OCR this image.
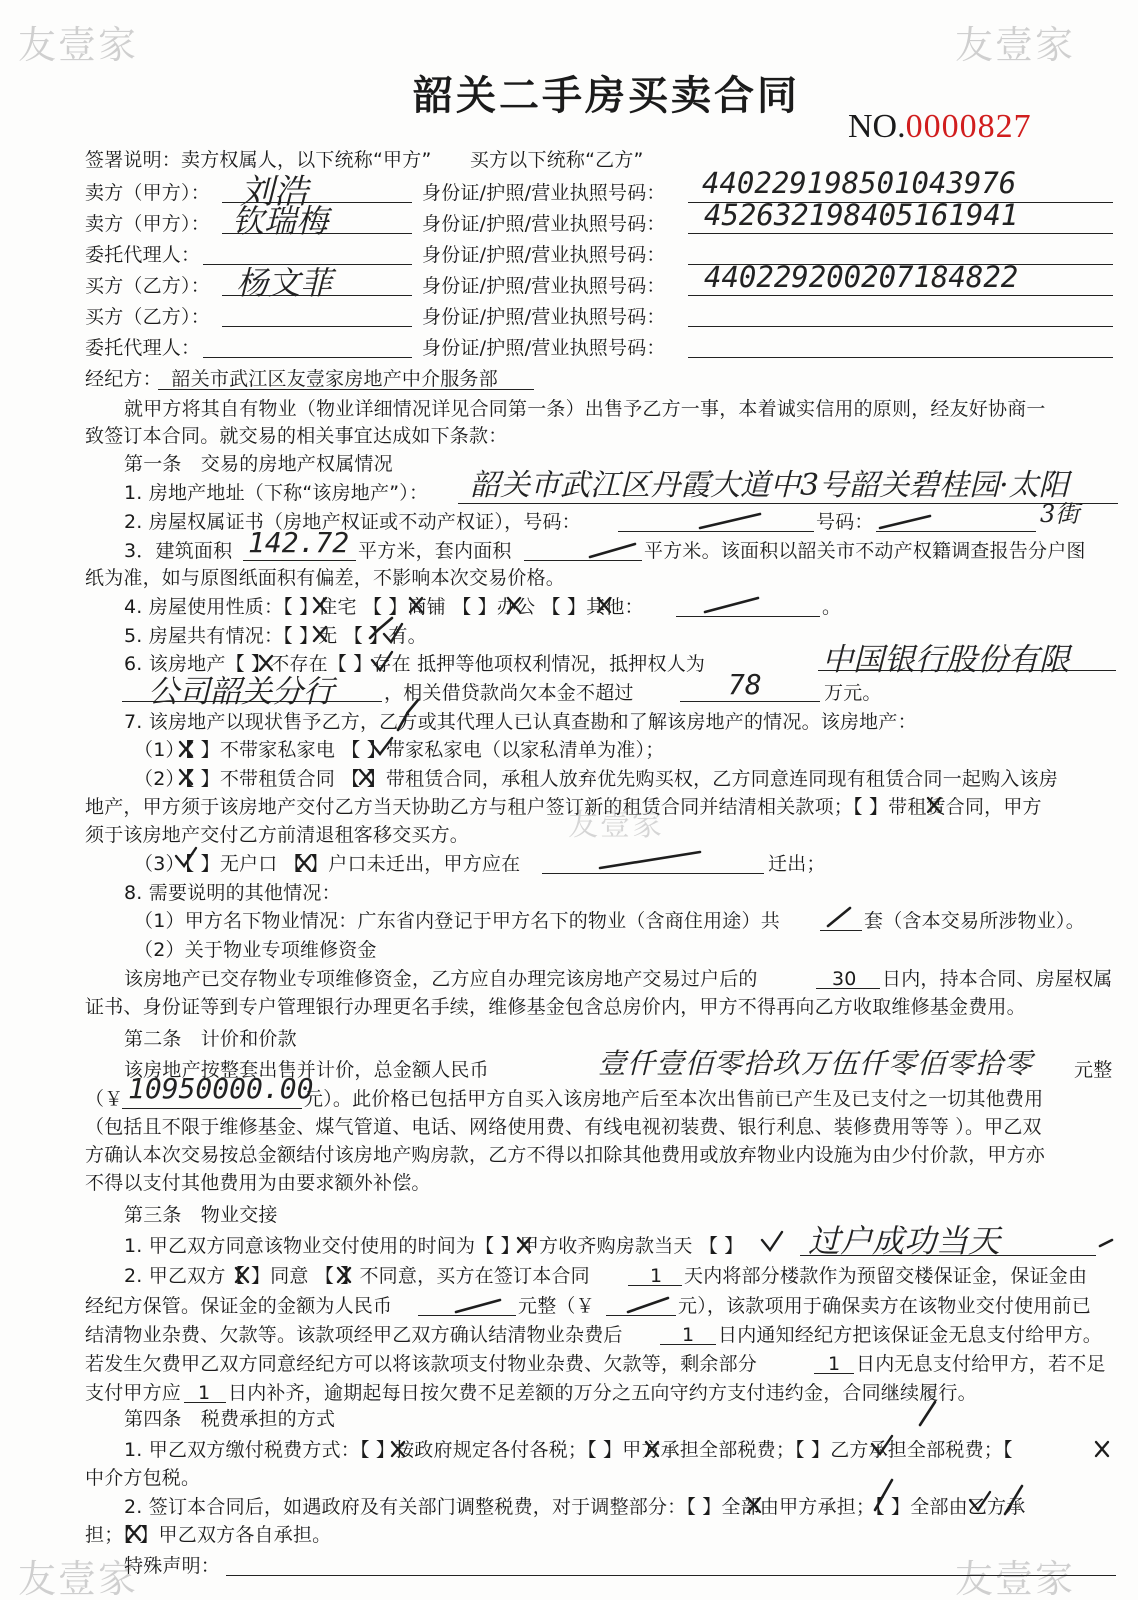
友壹家	友壹家
友壹家
友壹家	友壹家
韶关二手房买卖合同
NO.0000827
签署说明：卖方权属人，以下统称“甲方”　　买方以下统称“乙方”
卖方（甲方）： 刘浩	身份证/护照/营业执照号码： 440229198501043976
卖方（甲方）： 钦瑞梅	身份证/护照/营业执照号码： 452632198405161941
委托代理人：	身份证/护照/营业执照号码：
买方（乙方）： 杨文菲	身份证/护照/营业执照号码： 440229200207184822
买方（乙方）：	身份证/护照/营业执照号码：
委托代理人：	身份证/护照/营业执照号码：
经纪方：　韶关市武江区友壹家房地产中介服务部
就甲方将其自有物业（物业详细情况详见合同第一条）出售予乙方一事，本着诚实信用的原则，经友好协商一
致签订本合同。就交易的相关事宜达成如下条款：
第一条　交易的房地产权属情况
1. 房地产地址（下称“该房地产”）： 韶关市武江区丹霞大道中3号韶关碧桂园·太阳
3街
2. 房屋权属证书（房地产权证或不动产权证），号码：	号码：
3．建筑面积 142.72 平方米，套内面积	平方米。该面积以韶关市不动产权籍调查报告分户图
纸为准，如与原图纸面积有偏差，不影响本次交易价格。
4. 房屋使用性质：【 】住宅 【 】商铺 【 】办公 【 】其他：	。
5. 房屋共有情况：【 】无 【 】有。
6. 该房地产【 】不存在【 】存在 抵押等他项权利情况，抵押权人为	中国银行股份有限
公司韶关分行	，相关借贷款尚欠本金不超过	78	万元。
7. 该房地产以现状售予乙方，乙方或其代理人已认真查勘和了解该房地产的情况。该房地产：
（1）【 】不带家私家电 【 】带家私家电（以家私清单为准）；
（2）【 】不带租赁合同 【 】带租赁合同，承租人放弃优先购买权，乙方同意连同现有租赁合同一起购入该房
地产，甲方须于该房地产交付乙方当天协助乙方与租户签订新的租赁合同并结清相关款项；【 】带租赁合同，甲方
须于该房地产交付乙方前清退租客移交买方。
（3）【 】无户口 【 】户口未迁出，甲方应在	迁出；
8. 需要说明的其他情况：
（1）甲方名下物业情况：广东省内登记于甲方名下的物业（含商住用途）共	套（含本交易所涉物业）。
（2）关于物业专项维修资金
该房地产已交存物业专项维修资金，乙方应自办理完该房地产交易过户后的	30 日内，持本合同、房屋权属
证书、身份证等到专户管理银行办理更名手续，维修基金包含总房价内，甲方不得再向乙方收取维修基金费用。
第二条　计价和价款
该房地产按整套出售并计价，总金额人民币	壹仟壹佰零拾玖万伍仟零佰零拾零 元整
（￥ 10950000.00
元）。此价格已包括甲方自买入该房地产后至本次出售前已产生及已支付之一切其他费用
（包括且不限于维修基金、煤气管道、电话、网络使用费、有线电视初装费、银行利息、装修费用等等 ）。甲乙双
方确认本次交易按总金额结付该房地产购房款，乙方不得以扣除其他费用或放弃物业内设施为由少付价款，甲方亦
不得以支付其他费用为由要求额外补偿。
第三条　物业交接
1. 甲乙双方同意该物业交付使用的时间为【 】甲方收齐购房款当天 【 】 过户成功当天
2. 甲乙双方【 】同意 【 】不同意，买方在签订本合同	1 天内将部分楼款作为预留交楼保证金，保证金由
经纪方保管。保证金的金额为人民币	元整（￥	元），该款项用于确保卖方在该物业交付使用前已
结清物业杂费、欠款等。该款项经甲乙双方确认结清物业杂费后	1 日内通知经纪方把该保证金无息支付给甲方。
若发生欠费甲乙双方同意经纪方可以将该款项支付物业杂费、欠款等，剩余部分	1 日内无息支付给甲方，若不足
支付甲方应 1 日内补齐，逾期起每日按欠费不足差额的万分之五向守约方支付违约金，合同继续履行。
第四条　税费承担的方式
1. 甲乙双方缴付税费方式：【 】按政府规定各付各税；【 】甲方承担全部税费；【 】乙方承担全部税费；【
中介方包税。
2. 签订本合同后，如遇政府及有关部门调整税费，对于调整部分：【 】全部由甲方承担；【 】全部由乙方承
担；【 】甲乙双方各自承担。
特殊声明：
